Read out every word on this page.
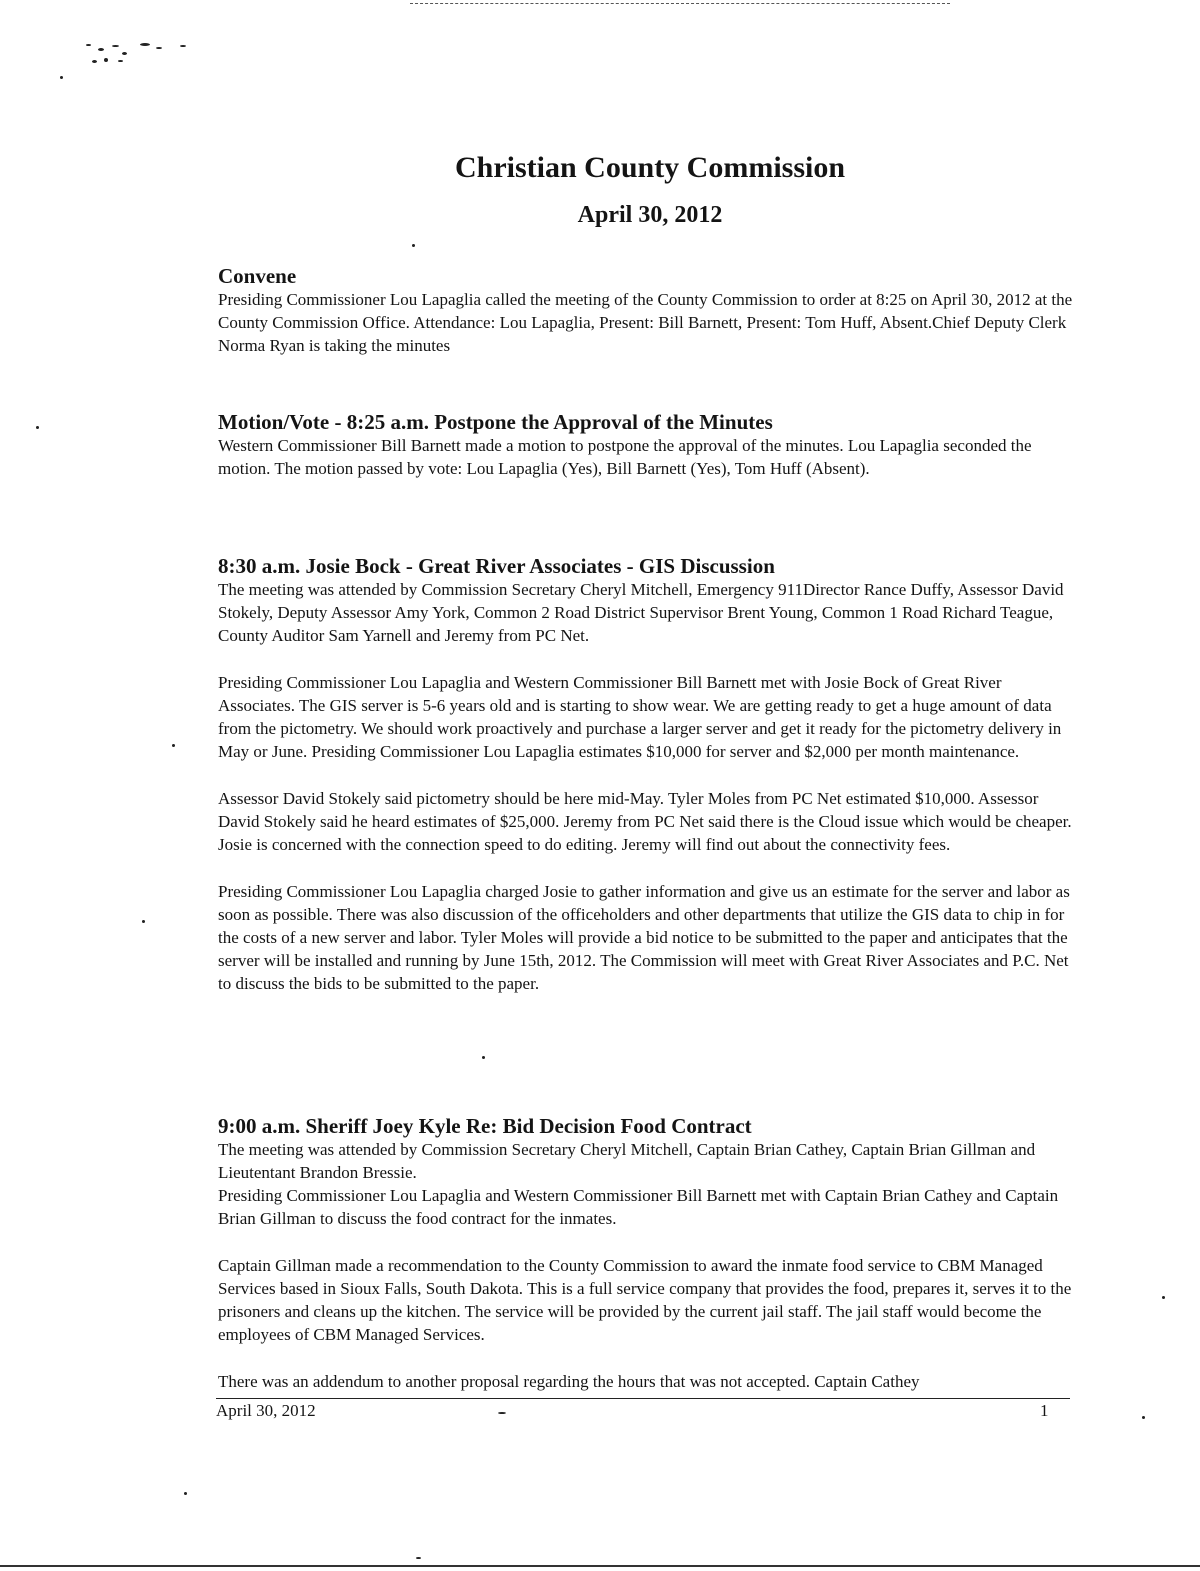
Christian County Commission
April 30, 2012
Convene

Presiding Commissioner Lou Lapaglia called the meeting of the County Commission to order at 8:25 on April 30, 2012 at the County Commission Office. Attendance: Lou Lapaglia, Present: Bill Barnett, Present: Tom Huff, Absent.Chief Deputy Clerk Norma Ryan is taking the minutes

Motion/Vote - 8:25 a.m. Postpone the Approval of the Minutes

Western Commissioner Bill Barnett made a motion to postpone the approval of the minutes. Lou Lapaglia seconded the motion. The motion passed by vote: Lou Lapaglia (Yes), Bill Barnett (Yes), Tom Huff (Absent).

8:30 a.m. Josie Bock - Great River Associates - GIS Discussion

The meeting was attended by Commission Secretary Cheryl Mitchell, Emergency 911Director Rance Duffy, Assessor David Stokely, Deputy Assessor Amy York, Common 2 Road District Supervisor Brent Young, Common 1 Road Richard Teague, County Auditor Sam Yarnell and Jeremy from PC Net.

Presiding Commissioner Lou Lapaglia and Western Commissioner Bill Barnett met with Josie Bock of Great River Associates. The GIS server is 5-6 years old and is starting to show wear. We are getting ready to get a huge amount of data from the pictometry. We should work proactively and purchase a larger server and get it ready for the pictometry delivery in May or June. Presiding Commissioner Lou Lapaglia estimates $10,000 for server and $2,000 per month maintenance.

Assessor David Stokely said pictometry should be here mid-May. Tyler Moles from PC Net estimated $10,000. Assessor David Stokely said he heard estimates of $25,000. Jeremy from PC Net said there is the Cloud issue which would be cheaper. Josie is concerned with the connection speed to do editing. Jeremy will find out about the connectivity fees.

Presiding Commissioner Lou Lapaglia charged Josie to gather information and give us an estimate for the server and labor as soon as possible. There was also discussion of the officeholders and other departments that utilize the GIS data to chip in for the costs of a new server and labor. Tyler Moles will provide a bid notice to be submitted to the paper and anticipates that the server will be installed and running by June 15th, 2012. The Commission will meet with Great River Associates and P.C. Net to discuss the bids to be submitted to the paper.

9:00 a.m. Sheriff Joey Kyle Re: Bid Decision Food Contract

The meeting was attended by Commission Secretary Cheryl Mitchell, Captain Brian Cathey, Captain Brian Gillman and Lieutentant Brandon Bressie.

Presiding Commissioner Lou Lapaglia and Western Commissioner Bill Barnett met with Captain Brian Cathey and Captain Brian Gillman to discuss the food contract for the inmates.

Captain Gillman made a recommendation to the County Commission to award the inmate food service to CBM Managed Services based in Sioux Falls, South Dakota. This is a full service company that provides the food, prepares it, serves it to the prisoners and cleans up the kitchen. The service will be provided by the current jail staff. The jail staff would become the employees of CBM Managed Services.

There was an addendum to another proposal regarding the hours that was not accepted. Captain Cathey

April 30, 2012	1
